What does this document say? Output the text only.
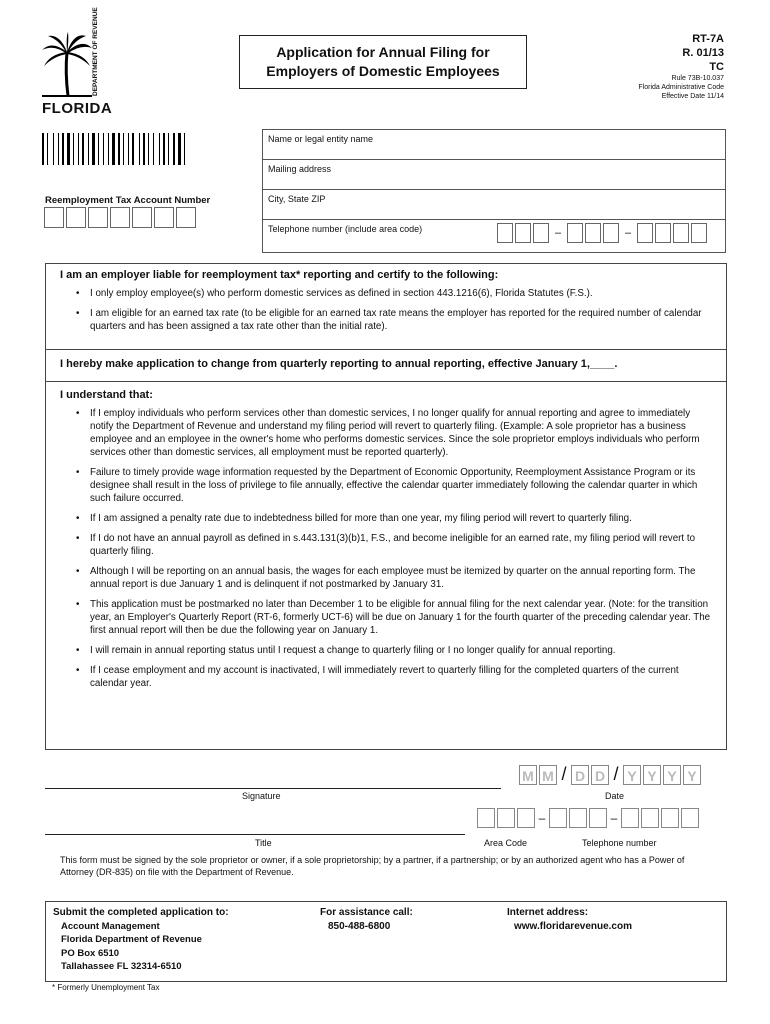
DEPARTMENT OF REVENUE
FLORIDA
Application for Annual Filing for
Employers of Domestic Employees
RT-7A
R. 01/13
TC
Rule 73B-10.037
Florida Administrative Code
Effective Date 11/14
Reemployment Tax Account Number
Name or legal entity name
Mailing address
City, State ZIP
Telephone number (include area code)	–	–
I am an employer liable for reemployment tax* reporting and certify to the following:
• I only employ employee(s) who perform domestic services as defined in section 443.1216(6), Florida Statutes (F.S.).
• I am eligible for an earned tax rate (to be eligible for an earned tax rate means the employer has reported for the required number of calendar quarters and has been assigned a tax rate other than the initial rate).
I hereby make application to change from quarterly reporting to annual reporting, effective January 1,____.
I understand that:
• If I employ individuals who perform services other than domestic services, I no longer qualify for annual reporting and agree to immediately notify the Department of Revenue and understand my filing period will revert to quarterly filing. (Example: A sole proprietor has a business employee and an employee in the owner's home who performs domestic services. Since the sole proprietor employs individuals who perform services other than domestic services, all employment must be reported quarterly).
• Failure to timely provide wage information requested by the Department of Economic Opportunity, Reemployment Assistance Program or its designee shall result in the loss of privilege to file annually, effective the calendar quarter immediately following the calendar quarter in which such failure occurred.
• If I am assigned a penalty rate due to indebtedness billed for more than one year, my filing period will revert to quarterly filing.
• If I do not have an annual payroll as defined in s.443.131(3)(b)1, F.S., and become ineligible for an earned rate, my filing period will revert to quarterly filing.
• Although I will be reporting on an annual basis, the wages for each employee must be itemized by quarter on the annual reporting form. The annual report is due January 1 and is delinquent if not postmarked by January 31.
• This application must be postmarked no later than December 1 to be eligible for annual filing for the next calendar year. (Note: for the transition year, an Employer's Quarterly Report (RT-6, formerly UCT-6) will be due on January 1 for the fourth quarter of the preceding calendar year. The first annual report will then be due the following year on January 1.
• I will remain in annual reporting status until I request a change to quarterly filing or I no longer qualify for annual reporting.
• If I cease employment and my account is inactivated, I will immediately revert to quarterly filling for the completed quarters of the current calendar year.
Signature
M M / D D / Y Y Y Y
Date
Title
–	–
Area Code	Telephone number
This form must be signed by the sole proprietor or owner, if a sole proprietorship; by a partner, if a partnership; or by an authorized agent who has a Power of Attorney (DR-835) on file with the Department of Revenue.
Submit the completed application to:
Account Management
Florida Department of Revenue
PO Box 6510
Tallahassee FL 32314-6510
For assistance call:
850-488-6800
Internet address:
www.floridarevenue.com
* Formerly Unemployment Tax
